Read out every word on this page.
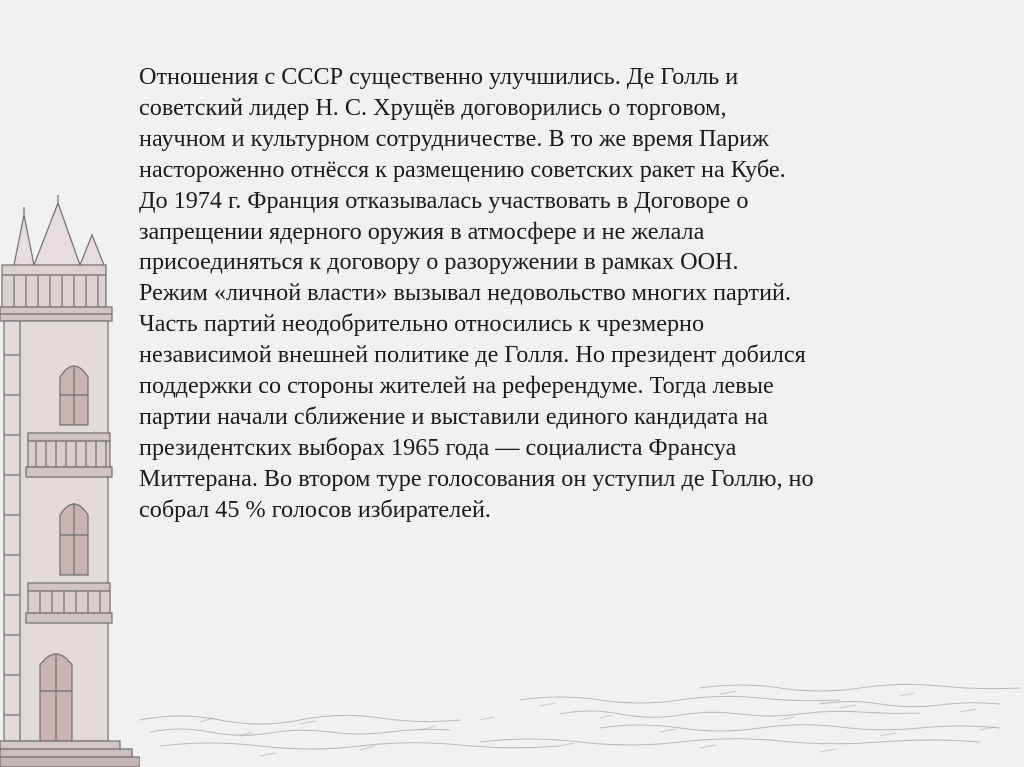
Отношения с СССР существенно улучшились. Де Голль и
советский лидер Н. С. Хрущёв договорились о торговом,
научном и культурном сотрудничестве. В то же время Париж
настороженно отнёсся к размещению советских ракет на Кубе.
До 1974 г. Франция отказывалась участвовать в Договоре о
запрещении ядерного оружия в атмосфере и не желала
присоединяться к договору о разоружении в рамках ООН.
Режим «личной власти» вызывал недовольство многих партий.
Часть партий неодобрительно относились к чрезмерно
независимой внешней политике де Голля. Но президент добился
поддержки со стороны жителей на референдуме. Тогда левые
партии начали сближение и выставили единого кандидата на
президентских выборах 1965 года — социалиста Франсуа
Миттерана. Во втором туре голосования он уступил де Голлю, но
собрал 45 % голосов избирателей.
